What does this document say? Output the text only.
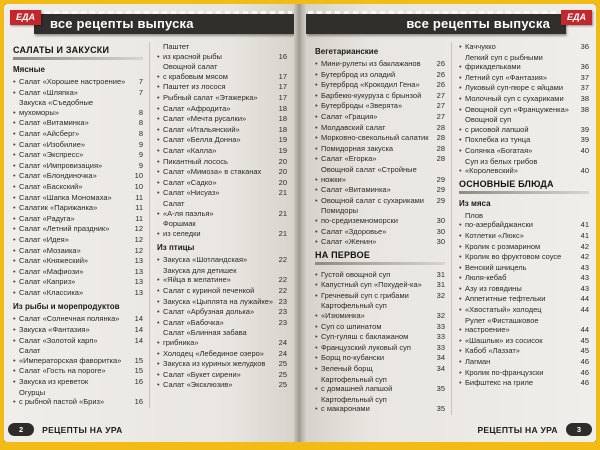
ЕДА	все рецепты выпуска
САЛАТЫ И ЗАКУСКИ
Мясные
• Салат «Хорошее настроение»	7
• Салат «Шляпка»	7
•
Закуска «Съедобные мухоморы»	8
• Салат «Витаминка»	8
• Салат «Айсберг»	8
• Салат «Изобилие»	9
• Салат «Экспресс»	9
• Салат «Импровизация»	9
• Салат «Блондиночка»	10
• Салат «Баскский»	10
• Салат «Шапка Мономаха»	11
• Салатик «Парижанка»	11
• Салат «Радуга»	11
• Салат «Летний праздник»	12
• Салат «Идея»	12
• Салат «Мозаика»	12
• Салат «Княжеский»	13
• Салат «Мафиози»	13
• Салат «Каприз»	13
• Салат «Классика»	13
Из рыбы и морепродуктов
• Салат «Солнечная полянка»	14
• Закуска «Фантазия»	14
• Салат «Золотой карп»	14
•
Салат
«Императорская фаворитка»	15
• Салат «Гость на пороге»	15
• Закуска из креветок	16
•
Огурцы
с рыбной пастой «Бриз»	16
•
Паштет
из красной рыбы	16
•
Овощной салат
с крабовым мясом	17
• Паштет из лосося	17
• Рыбный салат «Этажерка»	17
• Салат «Афродита»	18
• Салат «Мечта русалки»	18
• Салат «Итальянский»	18
• Салат «Белла Донна»	19
• Салат «Калла»	19
• Пикантный лосось	20
• Салат «Мимоза» в стаканах	20
• Салат «Садко»	20
• Салат «Нисуаз»	21
•
Салат
«А-ля паэлья»	21
•
Форшмак
из селедки	21
Из птицы
• Закуска «Шотландская»	22
•
Закуска для детишек
«Яйца в желатине»	22
• Салат с куриной печенкой	22
• Закуска «Цыплята на лужайке» 23
• Салат «Арбузная долька»	23
• Салат «Бабочка»	23
•
Салат «Блинная забава
грибника»	24
• Холодец «Лебединое озеро»	24
• Закуска из куриных желудков	25
• Салат «Букет сирени»	25
• Салат «Эксклюзив»	25
2	РЕЦЕПТЫ НА УРА
ЕДА
все рецепты выпуска
Вегетарианские
• Мини-рулеты из баклажанов	26
• Бутерброд из оладий	26
• Бутерброд «Крокодил Гена»	26
• Барбекю-кукуруза с брынзой	27
• Бутерброды «Зверята»	27
• Салат «Грация»	27
• Молдавский салат	28
• Морковно-свекольный салатик	28
• Помидорная закуска	28
• Салат «Егорка»	28
•
Овощной салат «Стройные
ножки»	29
• Салат «Витаминка»	29
• Овощной салат с сухариками	29
•
Помидоры
по-средиземноморски	30
• Салат «Здоровье»	30
• Салат «Женин»	30
НА ПЕРВОЕ
• Густой овощной суп	31
• Капустный суп «Похудей-ка»	31
• Гречневый суп с грибами	32
•
Картофельный суп «Изюминка»	32
• Суп со шпинатом	33
• Суп-гуляш с баклажаном	33
• Французский луковый суп	33
• Борщ по-кубански	34
• Зеленый борщ	34
•
Картофельный суп
с домашней лапшой	35
•
Картофельный суп
с макаронами	35
• Каччукко	36
•
Легкий суп с рыбными
фрикадельками	36
• Летний суп «Фантазия»	37
• Луковый суп-пюре с яйцами	37
• Молочный суп с сухариками	38
• Овощной суп «Француженка»	38
•
Овощной суп
с рисовой лапшой	39
• Похлебка из тунца	39
• Солянка «Богатая»	40
•
Суп из белых грибов
«Королевский»	40
ОСНОВНЫЕ БЛЮДА
Из мяса
•
Плов
по-азербайджански	41
• Котлетки «Люкс»	41
• Кролик с розмарином	42
• Кролик во фруктовом соусе	42
• Венский шницель	43
• Люля-кебаб	43
• Азу из говядины	43
• Аппетитные тефтельки	44
• «Хвостатый» холодец	44
•
Рулет «Фисташковое
настроение»	44
• «Шашлык» из сосисок	45
• Кабоб «Лаззат»	45
• Лагман	46
• Кролик по-французски	46
• Бифштекс на гриле	46
РЕЦЕПТЫ НА УРА	3
